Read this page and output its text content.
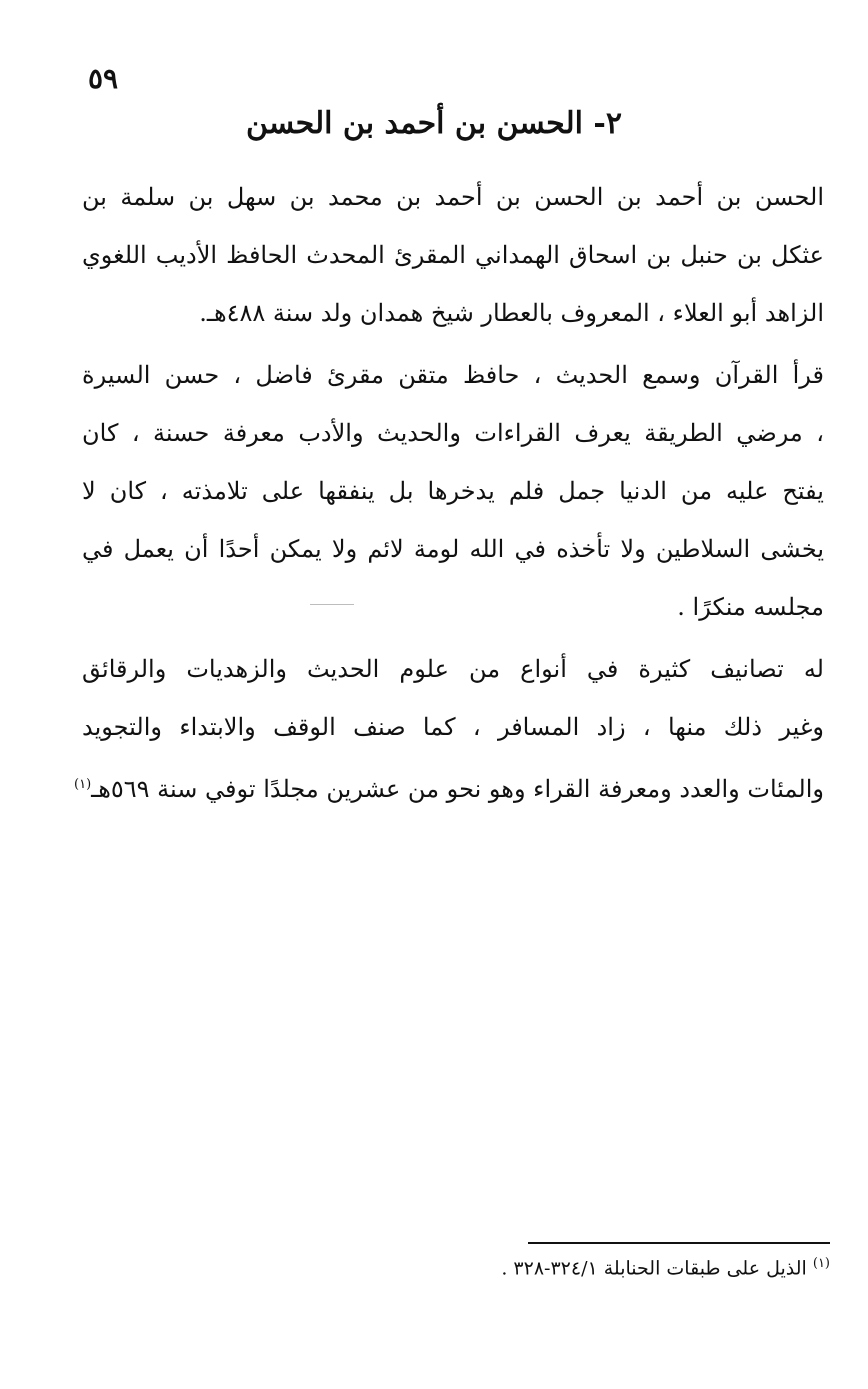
٥٩
٢- الحسن بن أحمد بن الحسن
الحسن بن أحمد بن الحسن بن أحمد بن محمد بن سهل بن سلمة بن
عثكل بن حنبل بن اسحاق الهمداني المقرئ المحدث الحافظ الأديب اللغوي
الزاهد أبو العلاء ، المعروف بالعطار شيخ همدان ولد سنة ٤٨٨هـ.
قرأ القرآن وسمع الحديث ، حافظ متقن مقرئ فاضل ، حسن السيرة
، مرضي الطريقة يعرف القراءات والحديث والأدب معرفة حسنة ، كان
يفتح عليه من الدنيا جمل فلم يدخرها بل ينفقها على تلامذته ، كان لا
يخشى السلاطين ولا تأخذه في الله لومة لائم ولا يمكن أحدًا أن يعمل في
مجلسه منكرًا .
له تصانيف كثيرة في أنواع من علوم الحديث والزهديات والرقائق
وغير ذلك منها ، زاد المسافر ، كما صنف الوقف والابتداء والتجويد
والمئات والعدد ومعرفة القراء وهو نحو من عشرين مجلدًا توفي سنة ٥٦٩هـ$^{(١)}$
$^{(١)}$ الذيل على طبقات الحنابلة ٣٢٤/١-٣٢٨ .
